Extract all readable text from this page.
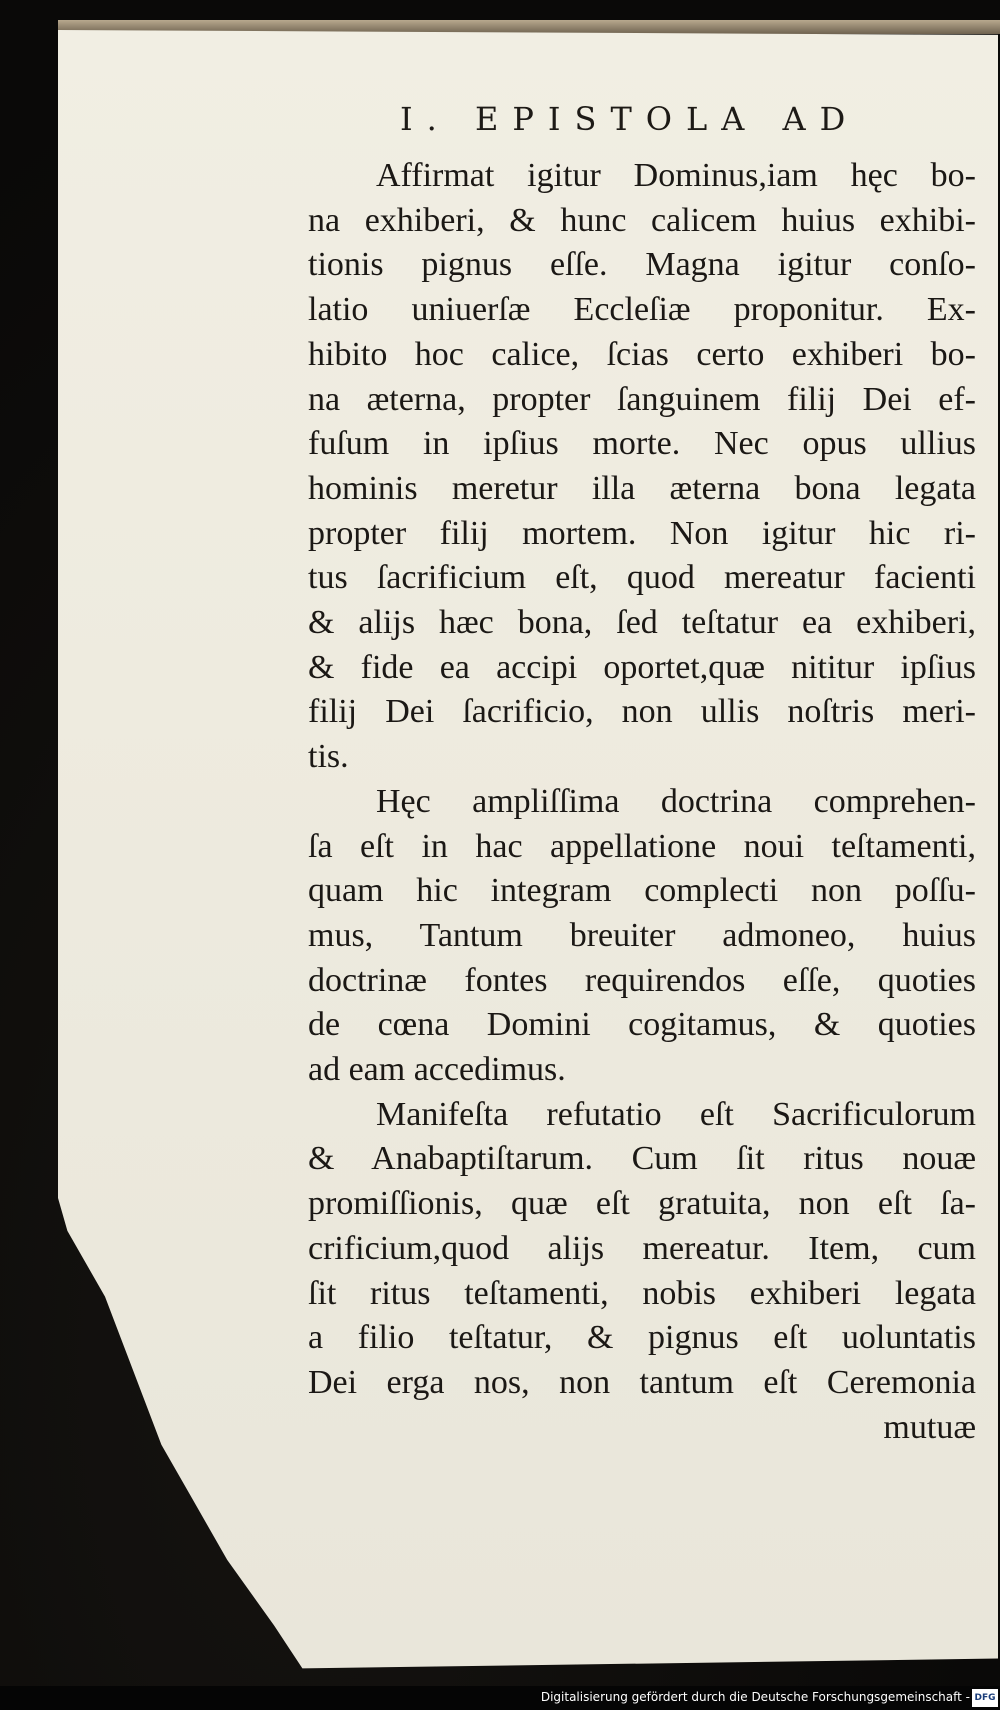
I. EPISTOLA AD
Affirmat igitur Dominus,iam hęc bo-
na exhiberi, & hunc calicem huius exhibi-
tionis pignus eſſe. Magna igitur conſo-
latio uniuerſæ Eccleſiæ proponitur. Ex-
hibito hoc calice, ſcias certo exhiberi bo-
na æterna, propter ſanguinem filij Dei ef-
fuſum in ipſius morte. Nec opus ullius
hominis meretur illa æterna bona legata
propter filij mortem. Non igitur hic ri-
tus ſacrificium eſt, quod mereatur facienti
& alijs hæc bona, ſed teſtatur ea exhiberi,
& fide ea accipi oportet,quæ nititur ipſius
filij Dei ſacrificio, non ullis noſtris meri-
tis.
Hęc ampliſſima doctrina comprehen-
ſa eſt in hac appellatione noui teſtamenti,
quam hic integram complecti non poſſu-
mus, Tantum breuiter admoneo, huius
doctrinæ fontes requirendos eſſe, quoties
de cœna Domini cogitamus, & quoties
ad eam accedimus.
Manifeſta refutatio eſt Sacrificulorum
& Anabaptiſtarum. Cum ſit ritus nouæ
promiſſionis, quæ eſt gratuita, non eſt ſa-
crificium,quod alijs mereatur. Item, cum
ſit ritus teſtamenti, nobis exhiberi legata
a filio teſtatur, & pignus eſt uoluntatis
Dei erga nos, non tantum eſt Ceremonia
mutuæ
Digitalisierung gefördert durch die Deutsche Forschungsgemeinschaft - DFG
